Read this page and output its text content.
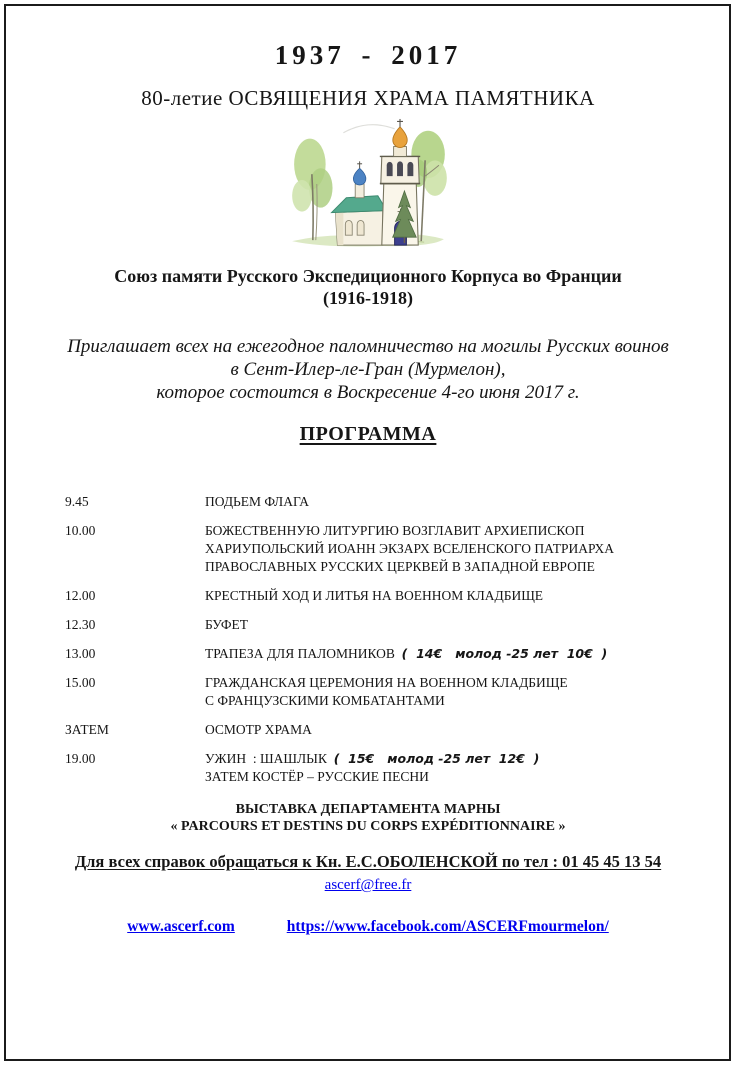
1937 - 2017
80-летие ОСВЯЩЕНИЯ ХРАМА ПАМЯТНИКА
Союз памяти Русского Экспедиционного Корпуса во Франции
(1916-1918)
Приглашает всех на ежегодное паломничество на могилы Русских воинов
в Сент-Илер-ле-Гран (Мурмелон),
которое состоится в Воскресение 4-го июня 2017 г.
ПРОГРАММА
9.45	ПОДЬЕМ ФЛАГА
10.00	БОЖЕСТВЕННУЮ ЛИТУРГИЮ ВОЗГЛАВИТ АРХИЕПИСКОП
ХАРИУПОЛЬСКИЙ ИОАНН ЭКЗАРХ ВСЕЛЕНСКОГО ПАТРИАРХА
ПРАВОСЛАВНЫХ РУССКИХ ЦЕРКВЕЙ В ЗАПАДНОЙ ЕВРОПЕ
12.00	КРЕСТНЫЙ ХОД И ЛИТЬЯ НА ВОЕННОМ КЛАДБИЩЕ
12.30	БУФЕТ
13.00	ТРАПЕЗА ДЛЯ ПАЛОМНИКОВ  (  14€   молод -25 лет  10€  )
15.00	ГРАЖДАНСКАЯ ЦЕРЕМОНИЯ НА ВОЕННОМ КЛАДБИЩЕ
С ФРАНЦУЗСКИМИ КОМБАТАНТАМИ
ЗАТЕМ	ОСМОТР ХРАМА
19.00	УЖИН  : ШАШЛЫК  (  15€   молод -25 лет  12€  )
ЗАТЕМ КОСТЁР – РУССКИЕ ПЕСНИ
ВЫСТАВКА ДЕПАРТАМЕНТА МАРНЫ
« PARCOURS ET DESTINS DU CORPS EXPÉDITIONNAIRE »
Для всех справок обращаться к Кн. Е.С.ОБОЛЕНСКОЙ по тел : 01 45 45 13 54
ascerf@free.fr
www.ascerf.com	https://www.facebook.com/ASCERFmourmelon/
